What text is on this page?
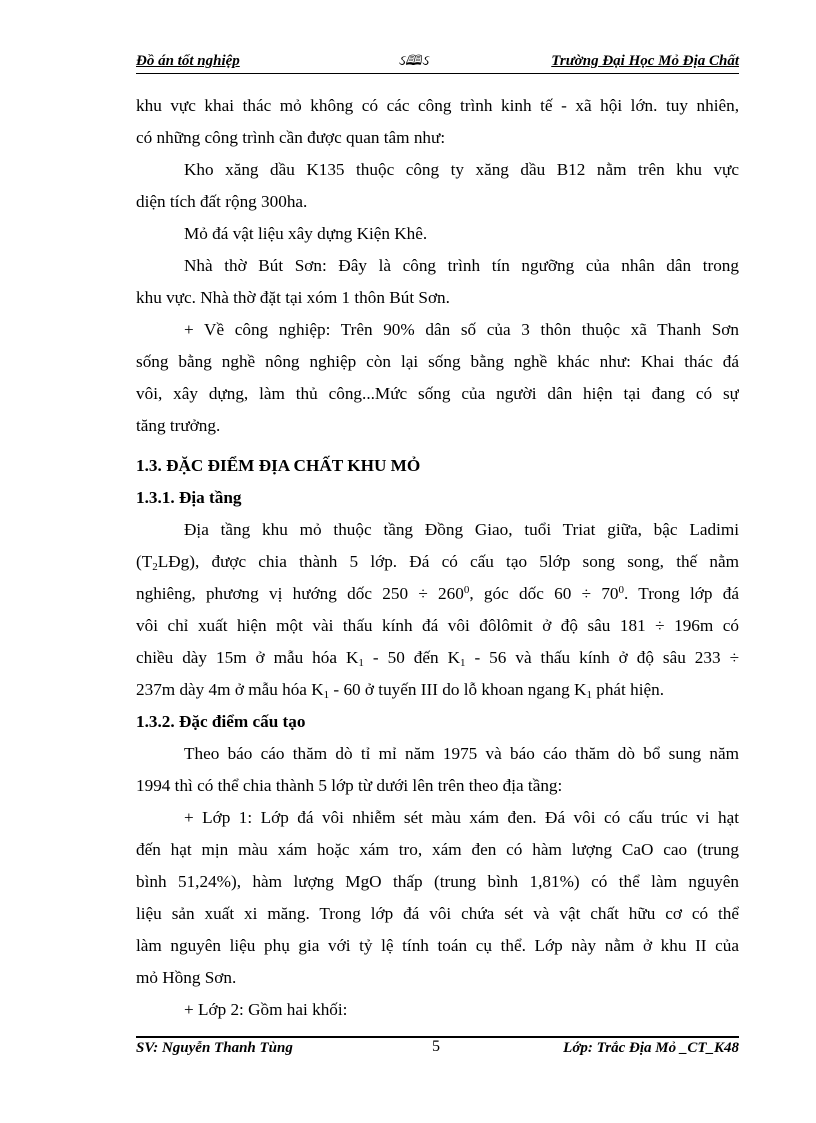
Đồ án tốt nghiệp	ઽ🕮ઽ	Trường Đại Học Mỏ Địa Chất
khu vực khai thác mỏ không có các công trình kinh tế - xã hội lớn. tuy nhiên,
có những công trình cần được quan tâm như:
Kho xăng dầu K135 thuộc công ty xăng dầu B12 nằm trên khu vực
diện tích đất rộng 300ha.
Mỏ đá vật liệu xây dựng Kiện Khê.
Nhà thờ Bút Sơn: Đây là công trình tín ngưỡng của nhân dân trong
khu vực. Nhà thờ đặt tại xóm 1 thôn Bút Sơn.
+ Về công nghiệp: Trên 90% dân số của 3 thôn thuộc xã Thanh Sơn
sống bằng nghề nông nghiệp còn lại sống bằng nghề khác như: Khai thác đá
vôi, xây dựng, làm thủ công...Mức sống của người dân hiện tại đang có sự
tăng trưởng.
1.3. ĐẶC ĐIỂM ĐỊA CHẤT KHU MỎ
1.3.1. Địa tầng
Địa tầng khu mỏ thuộc tầng Đồng Giao, tuổi Triat giữa, bậc Ladimi
$(T_2LĐg)$, được chia thành 5 lớp. Đá có cấu tạo 5lớp song song, thế nằm
nghiêng, phương vị hướng dốc $250 \div 260^0$, góc dốc $60 \div 70^0$. Trong lớp đá
vôi chỉ xuất hiện một vài thấu kính đá vôi đôlômit ở độ sâu 181 ÷ 196m có
chiều dày 15m ở mẫu hóa $K_1 - 50$ đến $K_1 - 56$ và thấu kính ở độ sâu 233 ÷
237m dày 4m ở mẫu hóa $K_1 - 60$ ở tuyến III do lỗ khoan ngang $K_1$ phát hiện.
1.3.2. Đặc điểm cấu tạo
Theo báo cáo thăm dò tỉ mỉ năm 1975 và báo cáo thăm dò bổ sung năm
1994 thì có thể chia thành 5 lớp từ dưới lên trên theo địa tầng:
+ Lớp 1: Lớp đá vôi nhiễm sét màu xám đen. Đá vôi có cấu trúc vi hạt
đến hạt mịn màu xám hoặc xám tro, xám đen có hàm lượng CaO cao (trung
bình 51,24%), hàm lượng MgO thấp (trung bình 1,81%) có thể làm nguyên
liệu sản xuất xi măng. Trong lớp đá vôi chứa sét và vật chất hữu cơ có thể
làm nguyên liệu phụ gia với tỷ lệ tính toán cụ thể. Lớp này nằm ở khu II của
mỏ Hồng Sơn.
+ Lớp 2: Gồm hai khối:
SV: Nguyễn Thanh Tùng	5	Lớp: Trắc Địa Mỏ _CT_K48
